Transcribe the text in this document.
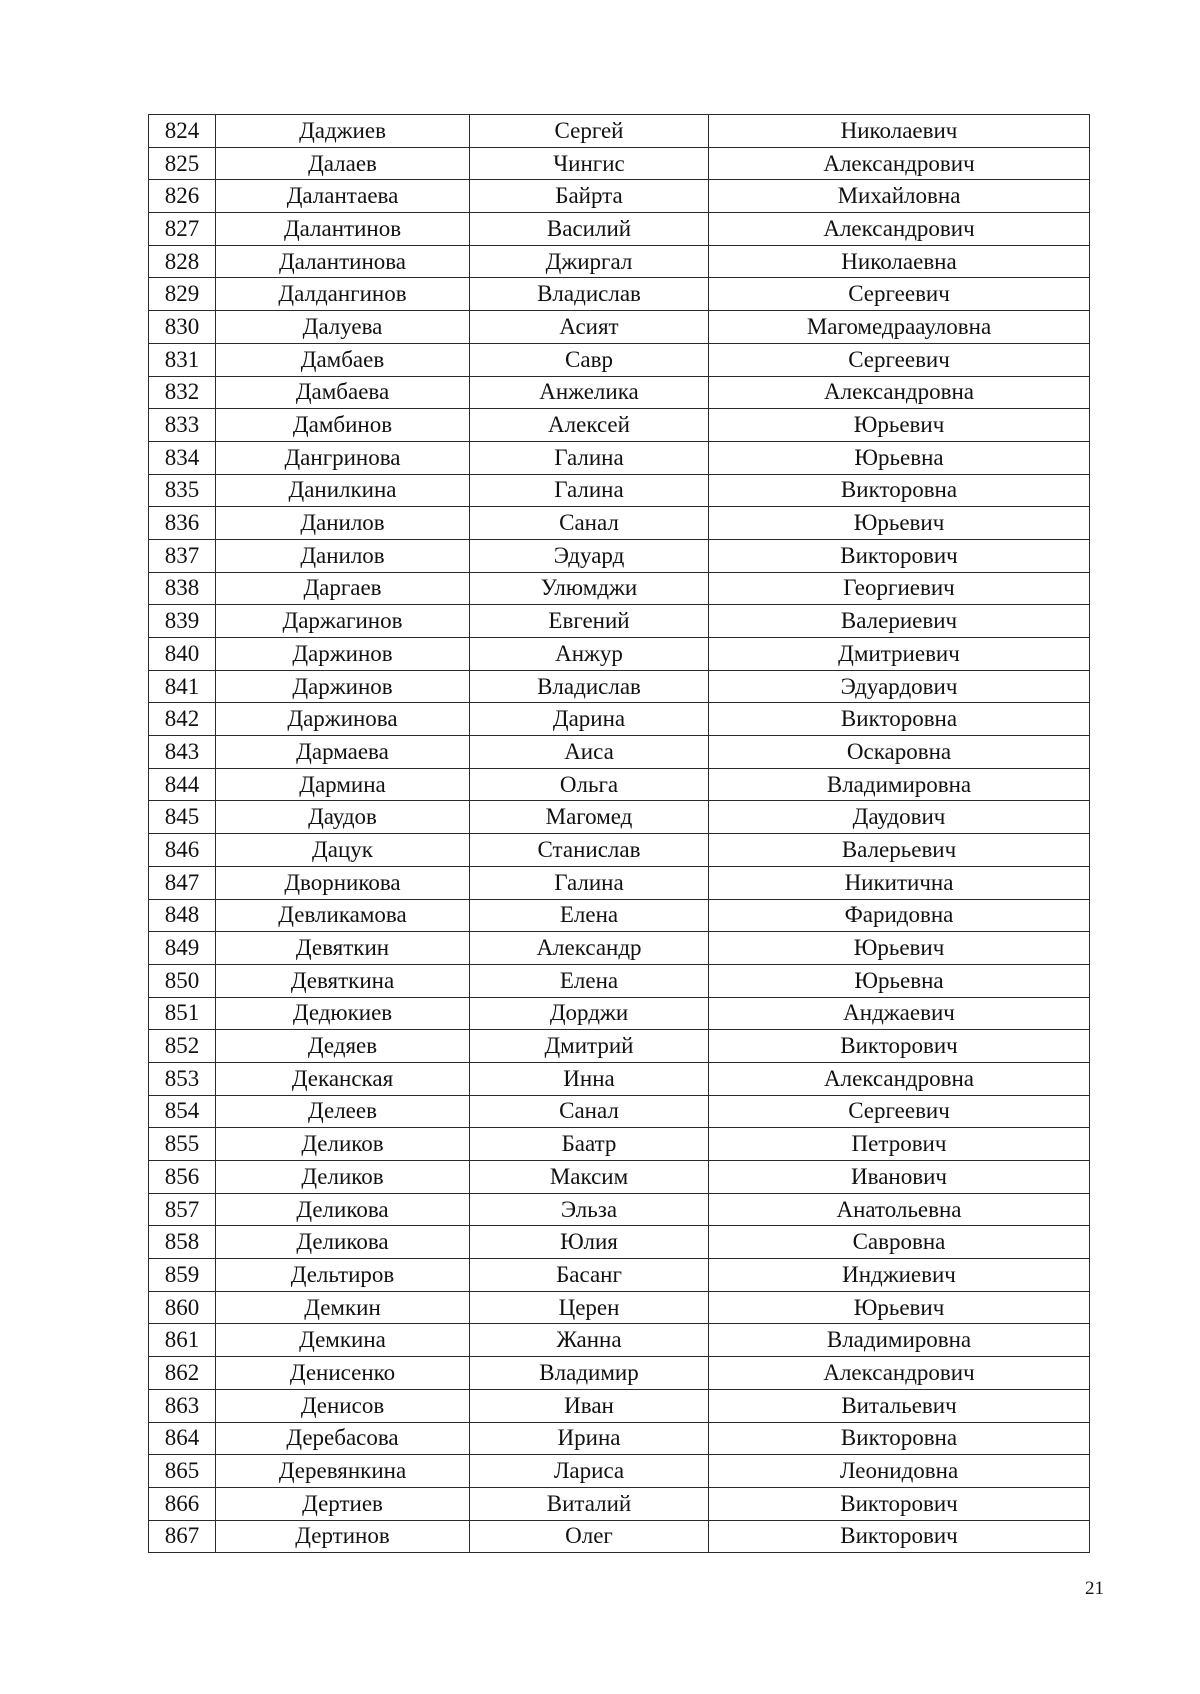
824	Даджиев	Сергей	Николаевич
825	Далаев	Чингис	Александрович
826	Далантаева	Байрта	Михайловна
827	Далантинов	Василий	Александрович
828	Далантинова	Джиргал	Николаевна
829	Далдангинов	Владислав	Сергеевич
830	Далуева	Асият	Магомедраауловна
831	Дамбаев	Савр	Сергеевич
832	Дамбаева	Анжелика	Александровна
833	Дамбинов	Алексей	Юрьевич
834	Дангринова	Галина	Юрьевна
835	Данилкина	Галина	Викторовна
836	Данилов	Санал	Юрьевич
837	Данилов	Эдуард	Викторович
838	Даргаев	Улюмджи	Георгиевич
839	Даржагинов	Евгений	Валериевич
840	Даржинов	Анжур	Дмитриевич
841	Даржинов	Владислав	Эдуардович
842	Даржинова	Дарина	Викторовна
843	Дармаева	Аиса	Оскаровна
844	Дармина	Ольга	Владимировна
845	Даудов	Магомед	Даудович
846	Дацук	Станислав	Валерьевич
847	Дворникова	Галина	Никитична
848	Девликамова	Елена	Фаридовна
849	Девяткин	Александр	Юрьевич
850	Девяткина	Елена	Юрьевна
851	Дедюкиев	Дорджи	Анджаевич
852	Дедяев	Дмитрий	Викторович
853	Деканская	Инна	Александровна
854	Делеев	Санал	Сергеевич
855	Деликов	Баатр	Петрович
856	Деликов	Максим	Иванович
857	Деликова	Эльза	Анатольевна
858	Деликова	Юлия	Савровна
859	Дельтиров	Басанг	Инджиевич
860	Демкин	Церен	Юрьевич
861	Демкина	Жанна	Владимировна
862	Денисенко	Владимир	Александрович
863	Денисов	Иван	Витальевич
864	Деребасова	Ирина	Викторовна
865	Деревянкина	Лариса	Леонидовна
866	Дертиев	Виталий	Викторович
867	Дертинов	Олег	Викторович
21
